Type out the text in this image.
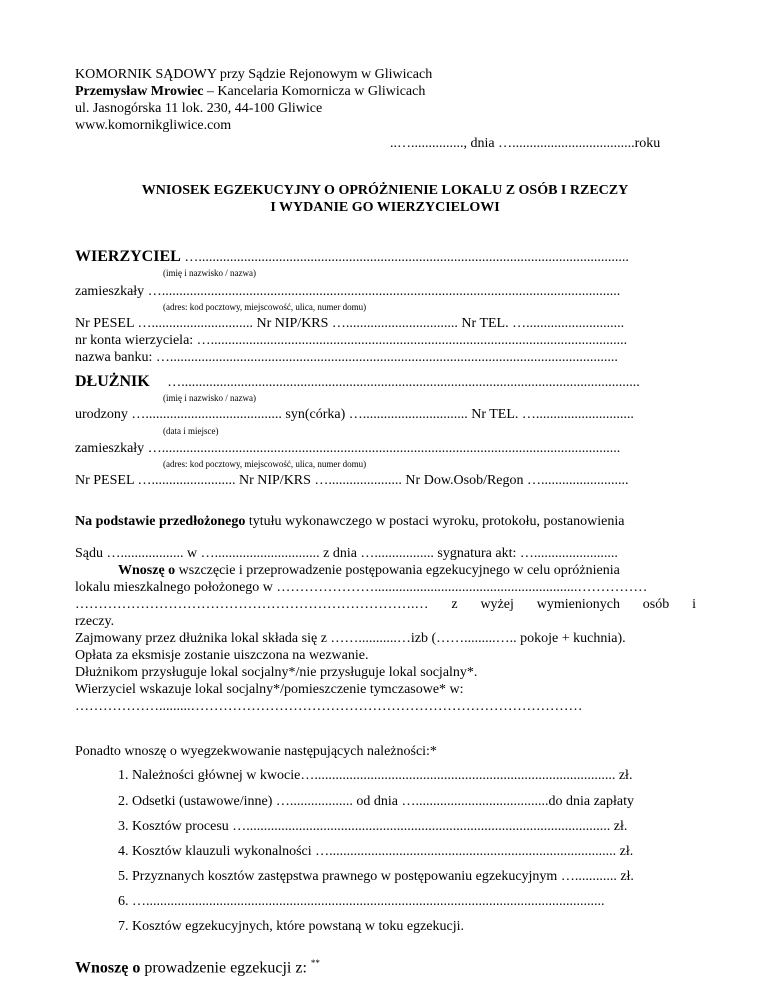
KOMORNIK SĄDOWY przy Sądzie Rejonowym w Gliwicach
Przemysław Mrowiec – Kancelaria Komornicza w Gliwicach
ul. Jasnogórska 11 lok. 230, 44-100 Gliwice
www.komornikgliwice.com
..…..............., dnia …...................................roku
WNIOSEK EGZEKUCYJNY O OPRÓŻNIENIE LOKALU Z OSÓB I RZECZY
I WYDANIE GO WIERZYCIELOWI
WIERZYCIEL …...........................................................................................................................
(imię i nazwisko / nazwa)
zamieszkały …...................................................................................................................................
(adres: kod pocztowy, miejscowość, ulica, numer domu)
Nr PESEL …............................. Nr NIP/KRS …................................ Nr TEL. …............................
nr konta wierzyciela: ….......................................................................................................................
nazwa banku: …................................................................................................................................
DŁUŻNIK …...................................................................................................................................
(imię i nazwisko / nazwa)
urodzony …....................................... syn(córka) ….............................. Nr TEL. …............................
(data i miejsce)
zamieszkały …...................................................................................................................................
(adres: kod pocztowy, miejscowość, ulica, numer domu)
Nr PESEL …........................ Nr NIP/KRS …..................... Nr Dow.Osob/Regon ….........................
Na podstawie przedłożonego tytułu wykonawczego w postaci wyroku, protokołu, postanowienia
Sądu ….................. w ….............................. z dnia …................. sygnatura akt: …........................
Wnoszę o wszczęcie i przeprowadzenie postępowania egzekucyjnego w celu opróżnienia
lokalu mieszkalnego położonego w …………………..........................................................……………
……………………………………………………………….… z wyżej wymienionych osób i
rzeczy.
Zajmowany przez dłużnika lokal składa się z ……...........…izb (…….........….. pokoje + kuchnia).
Opłata za eksmisje zostanie uiszczona na wezwanie.
Dłużnikom przysługuje lokal socjalny*/nie przysługuje lokal socjalny*.
Wierzyciel wskazuje lokal socjalny*/pomieszczenie tymczasowe* w:
……………….........…………………………………………………………………………
Ponadto wnoszę o wyegzekwowanie następujących należności:*
1. Należności głównej w kwocie…...................................................................................... zł.
2. Odsetki (ustawowe/inne) ….................. od dnia …......................................do dnia zapłaty
3. Kosztów procesu …........................................................................................................ zł.
4. Kosztów klauzuli wykonalności ….................................................................................. zł.
5. Przyznanych kosztów zastępstwa prawnego w postępowaniu egzekucyjnym …............ zł.
6. …...................................................................................................................................
7. Kosztów egzekucyjnych, które powstaną w toku egzekucji.
Wnoszę o prowadzenie egzekucji z: **
